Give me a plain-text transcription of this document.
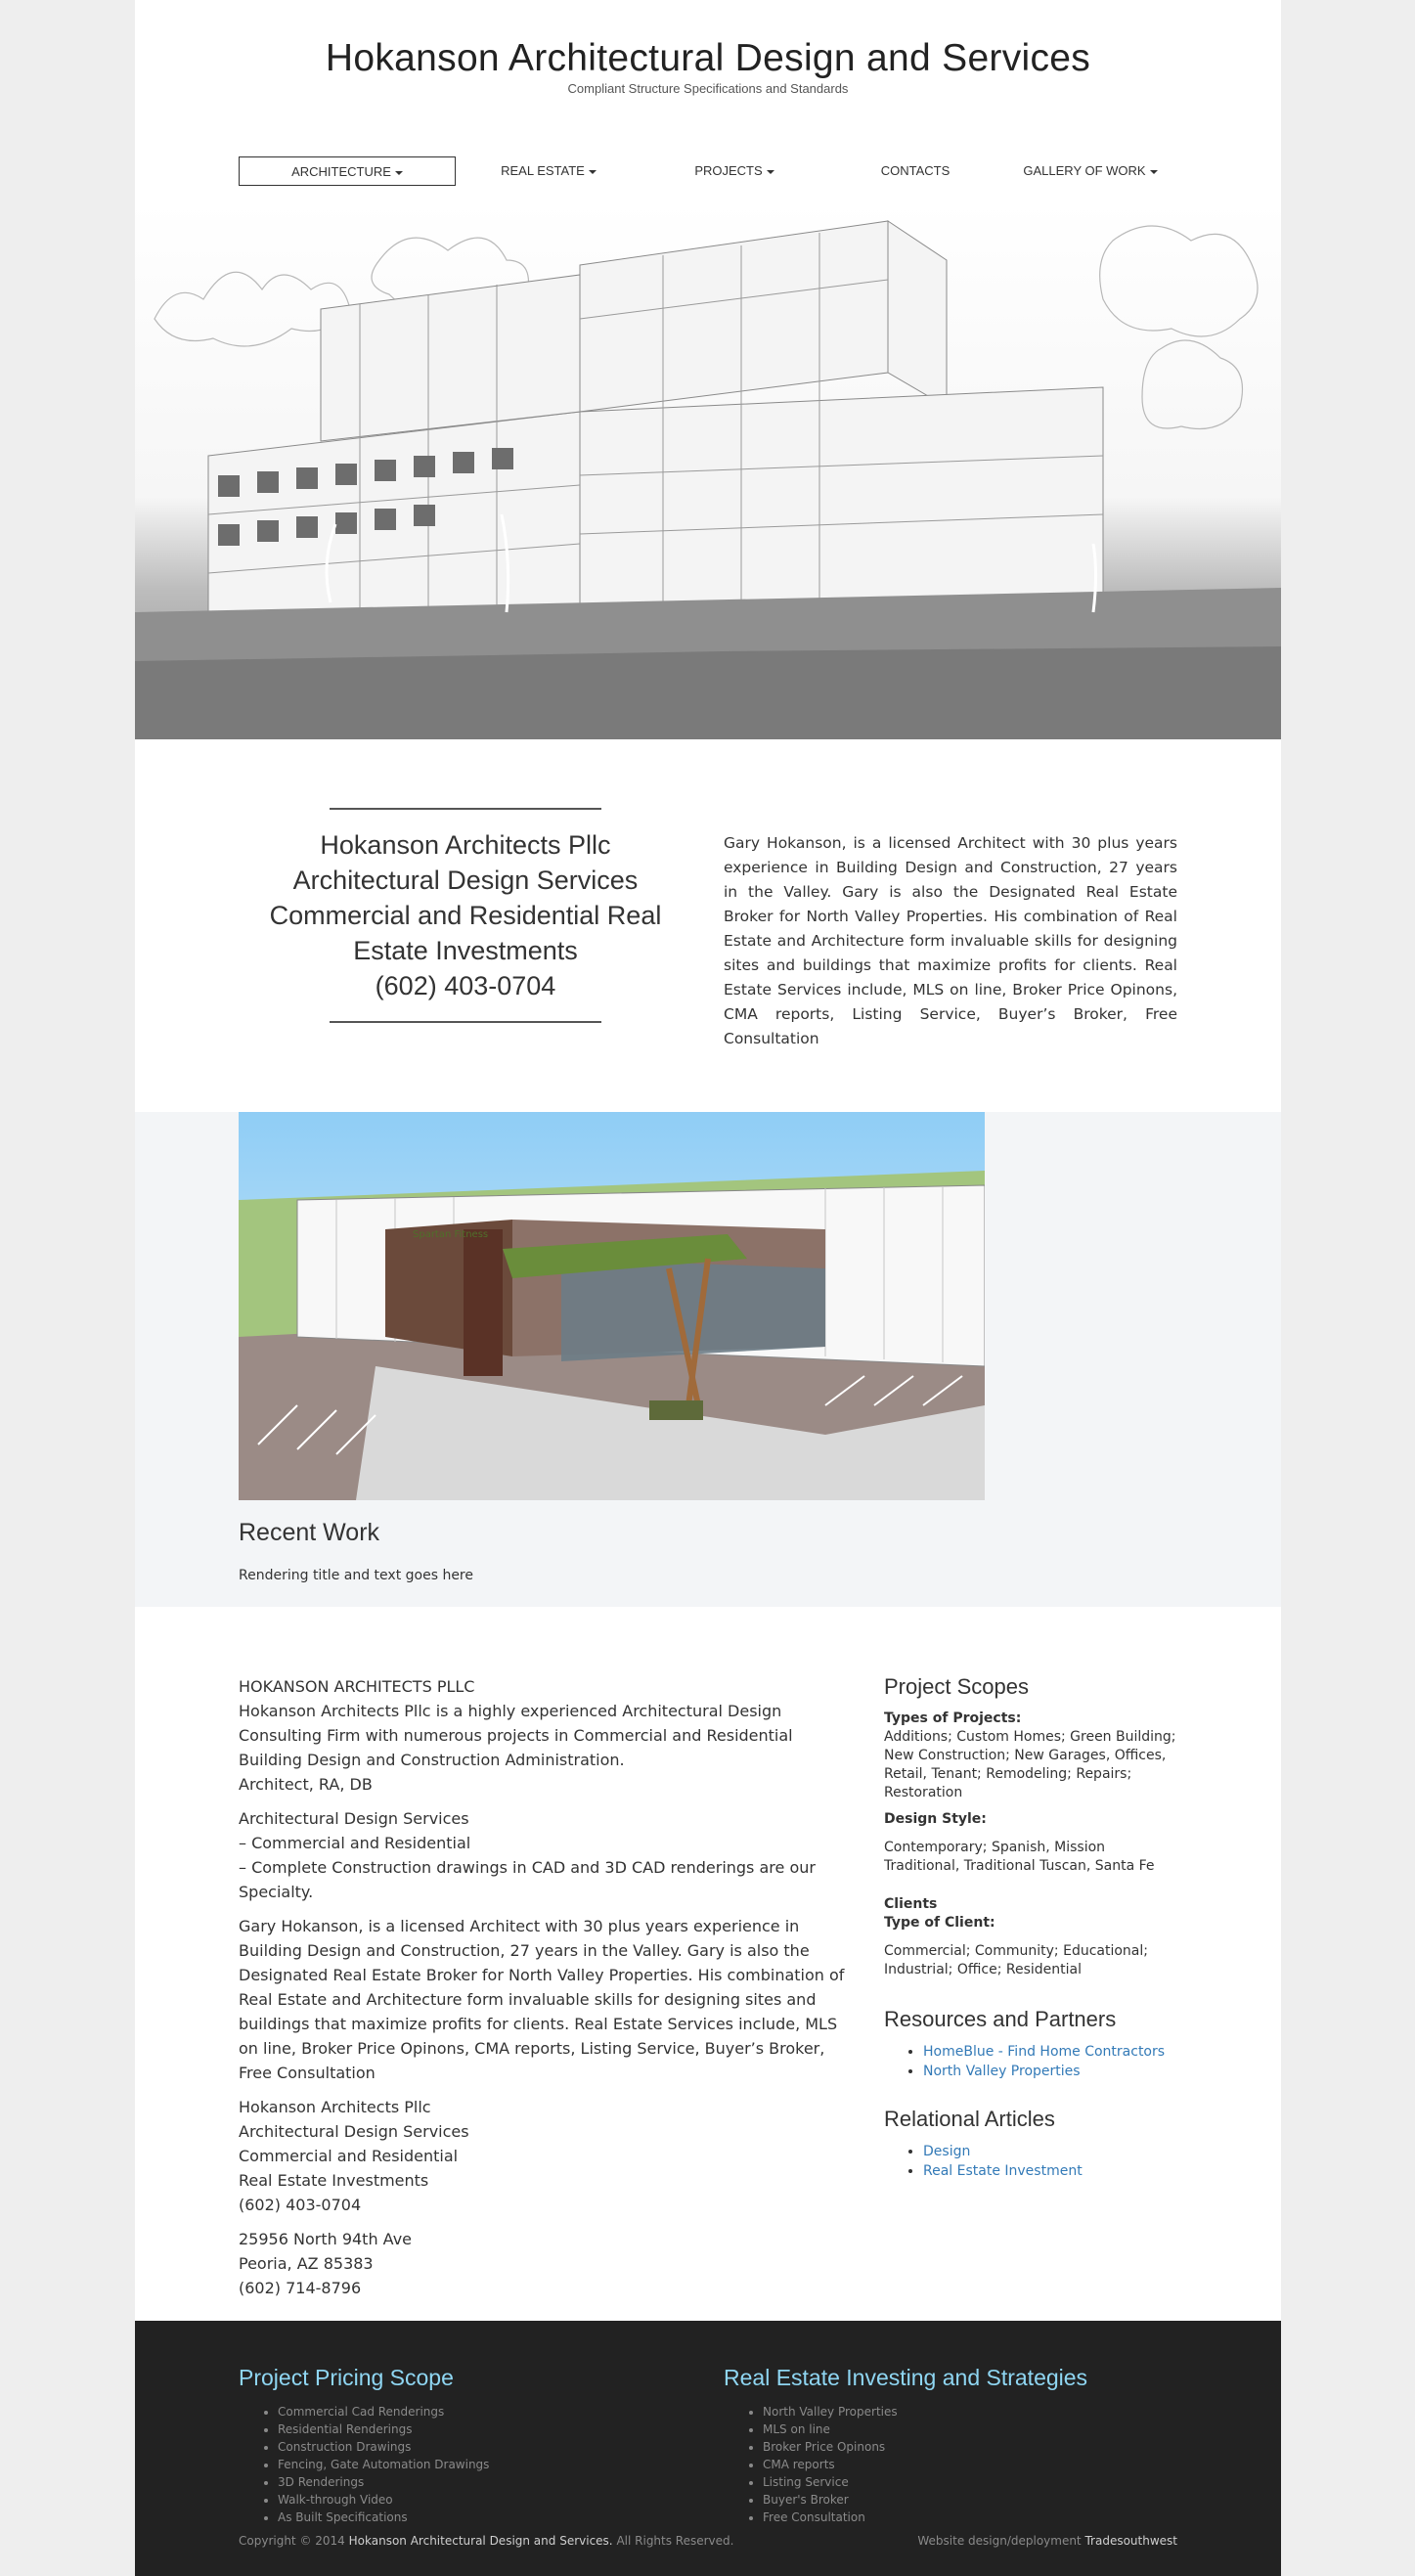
Hokanson Architectural Design and Services
Compliant Structure Specifications and Standards
ARCHITECTURE	REAL ESTATE	PROJECTS	CONTACTS	GALLERY OF WORK
Hokanson Architects Pllc
Architectural Design Services
Commercial and Residential Real
Estate Investments
(602) 403-0704
Gary Hokanson, is a licensed Architect with 30 plus years experience in Building Design and Construction, 27 years in the Valley. Gary is also the Designated Real Estate Broker for North Valley Properties. His combination of Real Estate and Architecture form invaluable skills for designing sites and buildings that maximize profits for clients. Real Estate Services include, MLS on line, Broker Price Opinons, CMA reports, Listing Service, Buyer’s Broker, Free Consultation
Spartan Fitness
Recent Work
Rendering title and text goes here

HOKANSON ARCHITECTS PLLC
Hokanson Architects Pllc is a highly experienced Architectural Design Consulting Firm with numerous projects in Commercial and Residential Building Design and Construction Administration.
Architect, RA, DB

Architectural Design Services
– Commercial and Residential
– Complete Construction drawings in CAD and 3D CAD renderings are our Specialty.

Gary Hokanson, is a licensed Architect with 30 plus years experience in Building Design and Construction, 27 years in the Valley. Gary is also the Designated Real Estate Broker for North Valley Properties. His combination of Real Estate and Architecture form invaluable skills for designing sites and buildings that maximize profits for clients. Real Estate Services include, MLS on line, Broker Price Opinons, CMA reports, Listing Service, Buyer’s Broker, Free Consultation

Hokanson Architects Pllc
Architectural Design Services
Commercial and Residential
Real Estate Investments
(602) 403-0704

25956 North 94th Ave
Peoria, AZ 85383
(602) 714-8796

Project Scopes
Types of Projects:
Additions; Custom Homes; Green Building; New Construction; New Garages, Offices, Retail, Tenant; Remodeling; Repairs; Restoration
Design Style:
Contemporary; Spanish, Mission Traditional, Traditional Tuscan, Santa Fe
Clients
Type of Client:
Commercial; Community; Educational; Industrial; Office; Residential
Resources and Partners
• HomeBlue - Find Home Contractors
• North Valley Properties
Relational Articles
• Design
• Real Estate Investment
Project Pricing Scope
• Commercial Cad Renderings
• Residential Renderings
• Construction Drawings
• Fencing, Gate Automation Drawings
• 3D Renderings
• Walk-through Video
• As Built Specifications
Real Estate Investing and Strategies
• North Valley Properties
• MLS on line
• Broker Price Opinons
• CMA reports
• Listing Service
• Buyer's Broker
• Free Consultation
Copyright © 2014 Hokanson Architectural Design and Services. All Rights Reserved.	Website design/deployment Tradesouthwest
